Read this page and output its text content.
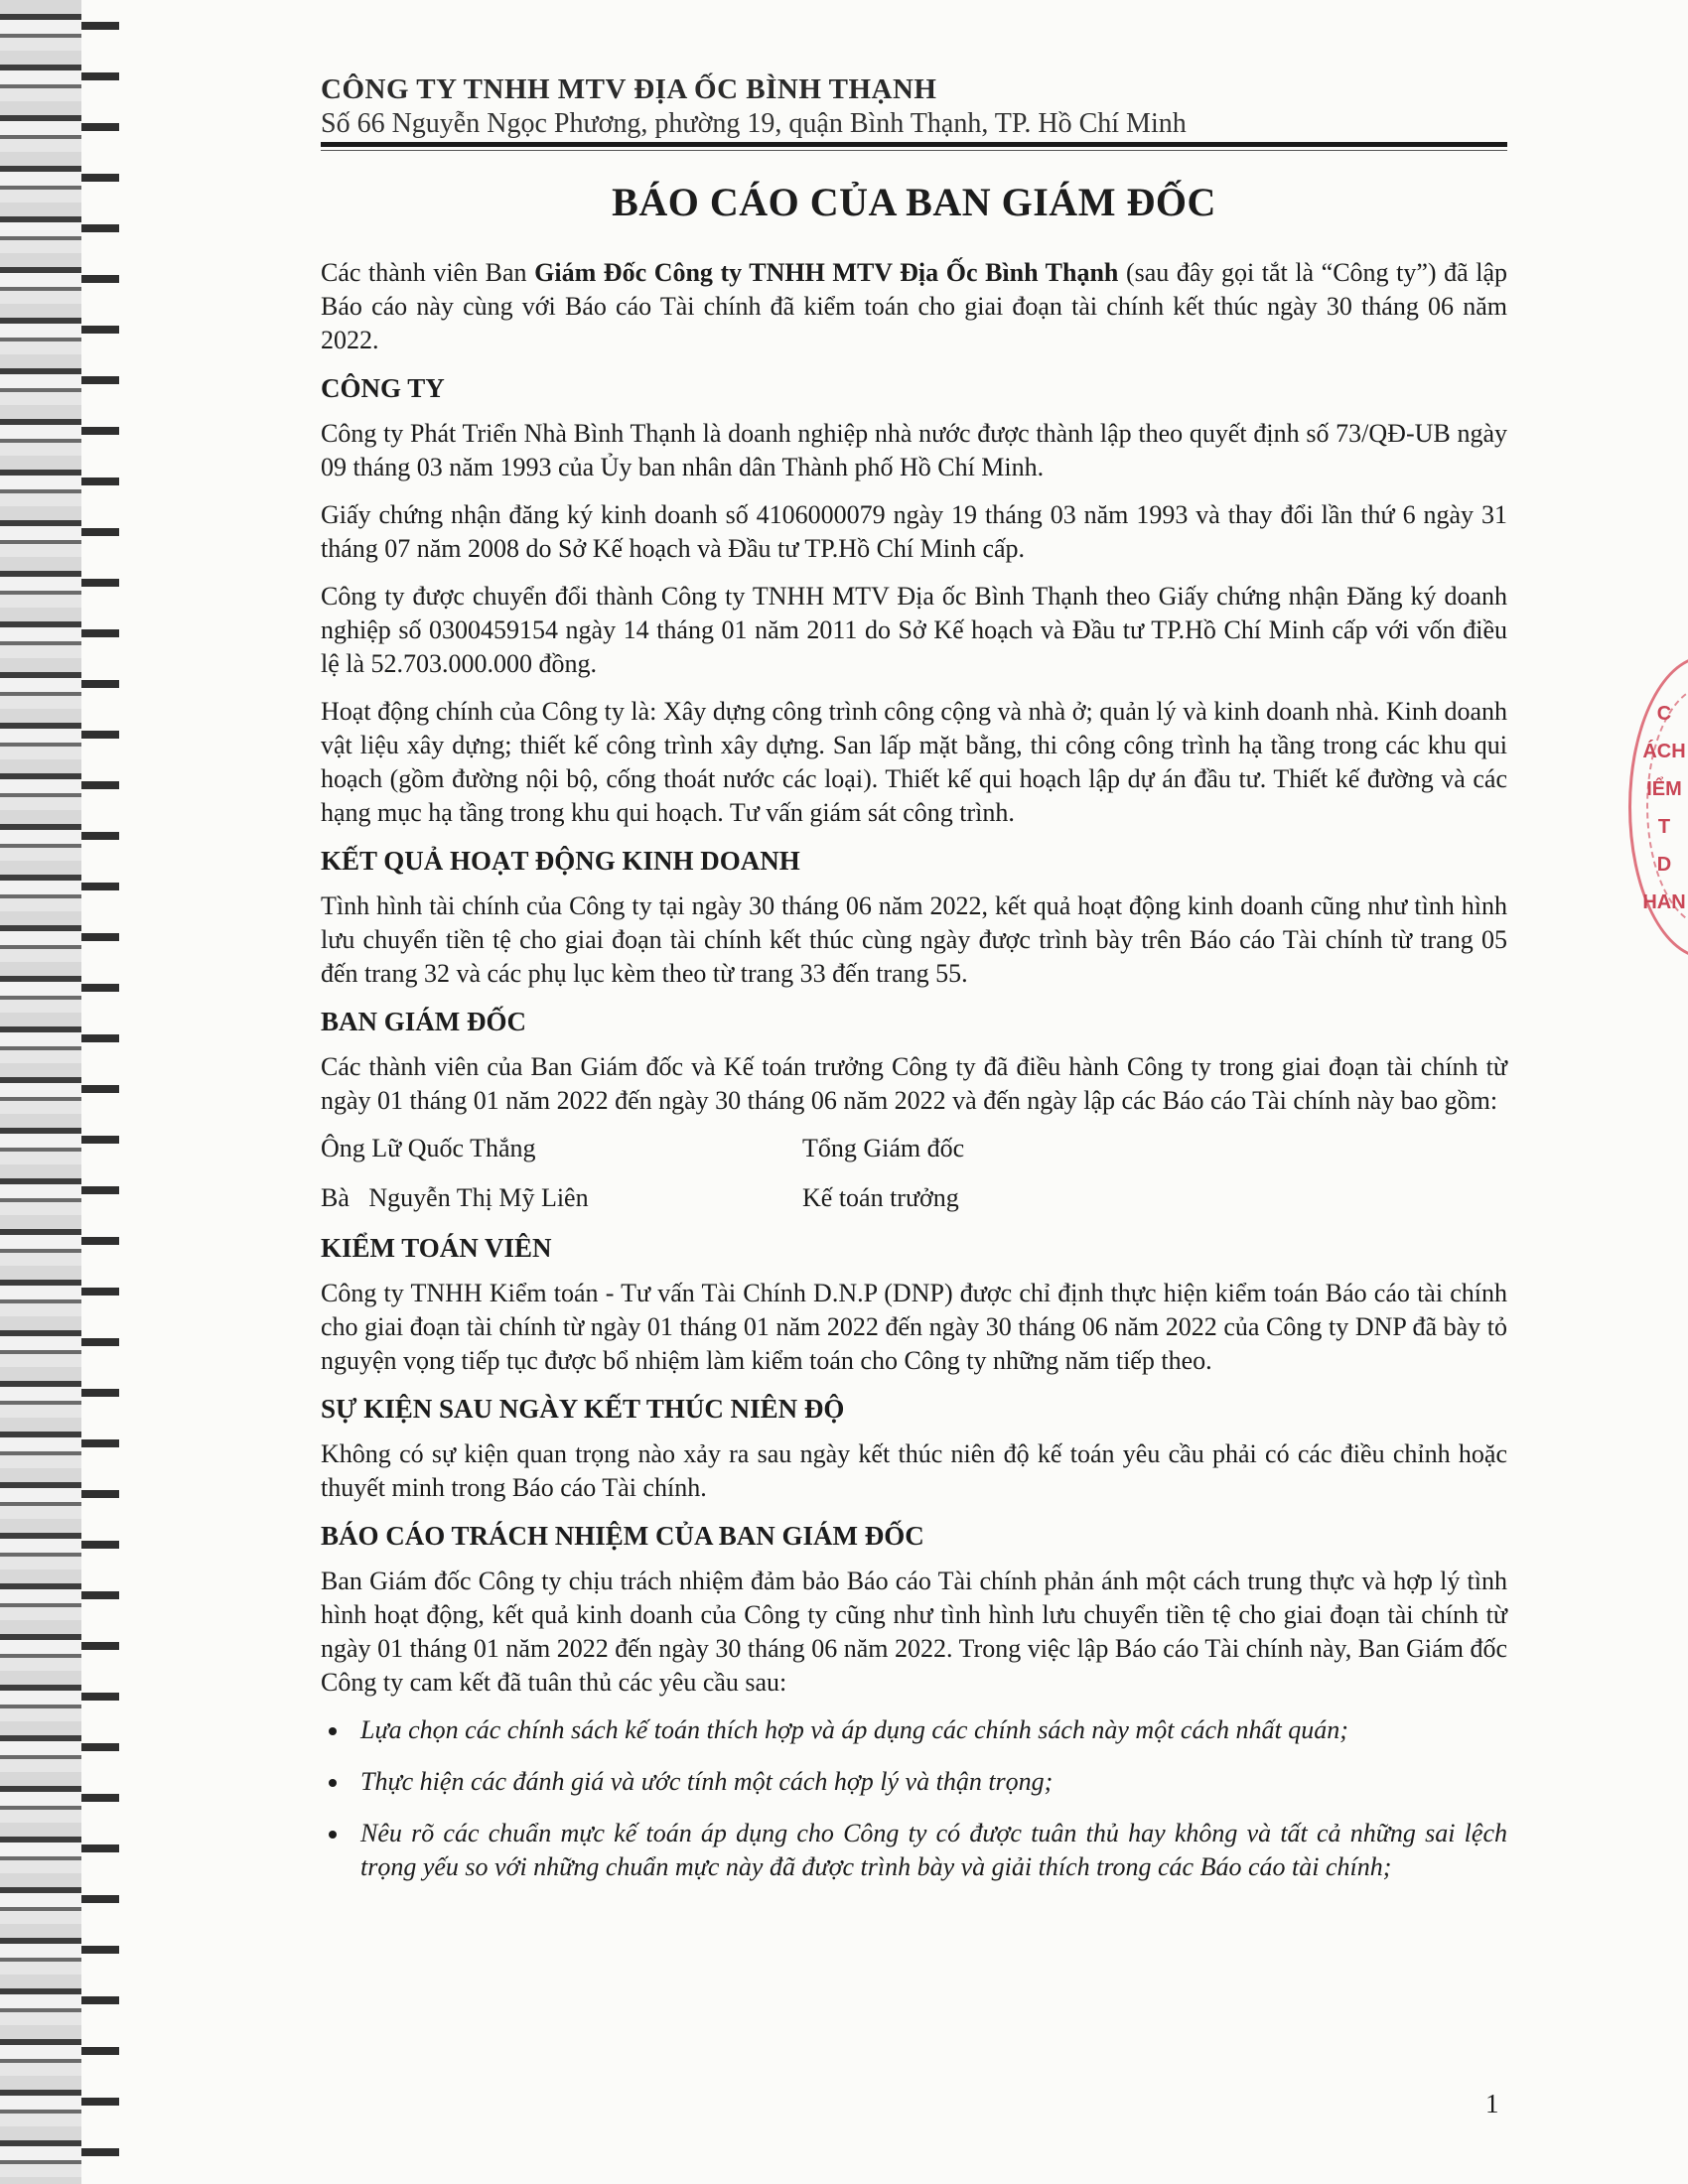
CÔNG TY TNHH MTV ĐỊA ỐC BÌNH THẠNH
Số 66 Nguyễn Ngọc Phương, phường 19, quận Bình Thạnh, TP. Hồ Chí Minh
BÁO CÁO CỦA BAN GIÁM ĐỐC

Các thành viên Ban Giám Đốc Công ty TNHH MTV Địa Ốc Bình Thạnh (sau đây gọi tắt là “Công ty”) đã lập Báo cáo này cùng với Báo cáo Tài chính đã kiểm toán cho giai đoạn tài chính kết thúc ngày 30 tháng 06 năm 2022.

CÔNG TY

Công ty Phát Triển Nhà Bình Thạnh là doanh nghiệp nhà nước được thành lập theo quyết định số 73/QĐ-UB ngày 09 tháng 03 năm 1993 của Ủy ban nhân dân Thành phố Hồ Chí Minh.

Giấy chứng nhận đăng ký kinh doanh số 4106000079 ngày 19 tháng 03 năm 1993 và thay đổi lần thứ 6 ngày 31 tháng 07 năm 2008 do Sở Kế hoạch và Đầu tư TP.Hồ Chí Minh cấp.

Công ty được chuyển đổi thành Công ty TNHH MTV Địa ốc Bình Thạnh theo Giấy chứng nhận Đăng ký doanh nghiệp số 0300459154 ngày 14 tháng 01 năm 2011 do Sở Kế hoạch và Đầu tư TP.Hồ Chí Minh cấp với vốn điều lệ là 52.703.000.000 đồng.

Hoạt động chính của Công ty là: Xây dựng công trình công cộng và nhà ở; quản lý và kinh doanh nhà. Kinh doanh vật liệu xây dựng; thiết kế công trình xây dựng. San lấp mặt bằng, thi công công trình hạ tầng trong các khu qui hoạch (gồm đường nội bộ, cống thoát nước các loại). Thiết kế qui hoạch lập dự án đầu tư. Thiết kế đường và các hạng mục hạ tầng trong khu qui hoạch. Tư vấn giám sát công trình.

KẾT QUẢ HOẠT ĐỘNG KINH DOANH

Tình hình tài chính của Công ty tại ngày 30 tháng 06 năm 2022, kết quả hoạt động kinh doanh cũng như tình hình lưu chuyển tiền tệ cho giai đoạn tài chính kết thúc cùng ngày được trình bày trên Báo cáo Tài chính từ trang 05 đến trang 32 và các phụ lục kèm theo từ trang 33 đến trang 55.

BAN GIÁM ĐỐC

Các thành viên của Ban Giám đốc và Kế toán trưởng Công ty đã điều hành Công ty trong giai đoạn tài chính từ ngày 01 tháng 01 năm 2022 đến ngày 30 tháng 06 năm 2022 và đến ngày lập các Báo cáo Tài chính này bao gồm:

Ông Lữ Quốc Thắng	Tổng Giám đốc
Bà   Nguyễn Thị Mỹ Liên	Kế toán trưởng
KIỂM TOÁN VIÊN

Công ty TNHH Kiểm toán - Tư vấn Tài Chính D.N.P (DNP) được chỉ định thực hiện kiểm toán Báo cáo tài chính cho giai đoạn tài chính từ ngày 01 tháng 01 năm 2022 đến ngày 30 tháng 06 năm 2022 của Công ty DNP đã bày tỏ nguyện vọng tiếp tục được bổ nhiệm làm kiểm toán cho Công ty những năm tiếp theo.

SỰ KIỆN SAU NGÀY KẾT THÚC NIÊN ĐỘ

Không có sự kiện quan trọng nào xảy ra sau ngày kết thúc niên độ kế toán yêu cầu phải có các điều chỉnh hoặc thuyết minh trong Báo cáo Tài chính.

BÁO CÁO TRÁCH NHIỆM CỦA BAN GIÁM ĐỐC

Ban Giám đốc Công ty chịu trách nhiệm đảm bảo Báo cáo Tài chính phản ánh một cách trung thực và hợp lý tình hình hoạt động, kết quả kinh doanh của Công ty cũng như tình hình lưu chuyển tiền tệ cho giai đoạn tài chính từ ngày 01 tháng 01 năm 2022 đến ngày 30 tháng 06 năm 2022. Trong việc lập Báo cáo Tài chính này, Ban Giám đốc Công ty cam kết đã tuân thủ các yêu cầu sau:

Lựa chọn các chính sách kế toán thích hợp và áp dụng các chính sách này một cách nhất quán;
Thực hiện các đánh giá và ước tính một cách hợp lý và thận trọng;
Nêu rõ các chuẩn mực kế toán áp dụng cho Công ty có được tuân thủ hay không và tất cả những sai lệch trọng yếu so với những chuẩn mực này đã được trình bày và giải thích trong các Báo cáo tài chính;
C
ÁCH
IỂM
T
D
HAN
1
